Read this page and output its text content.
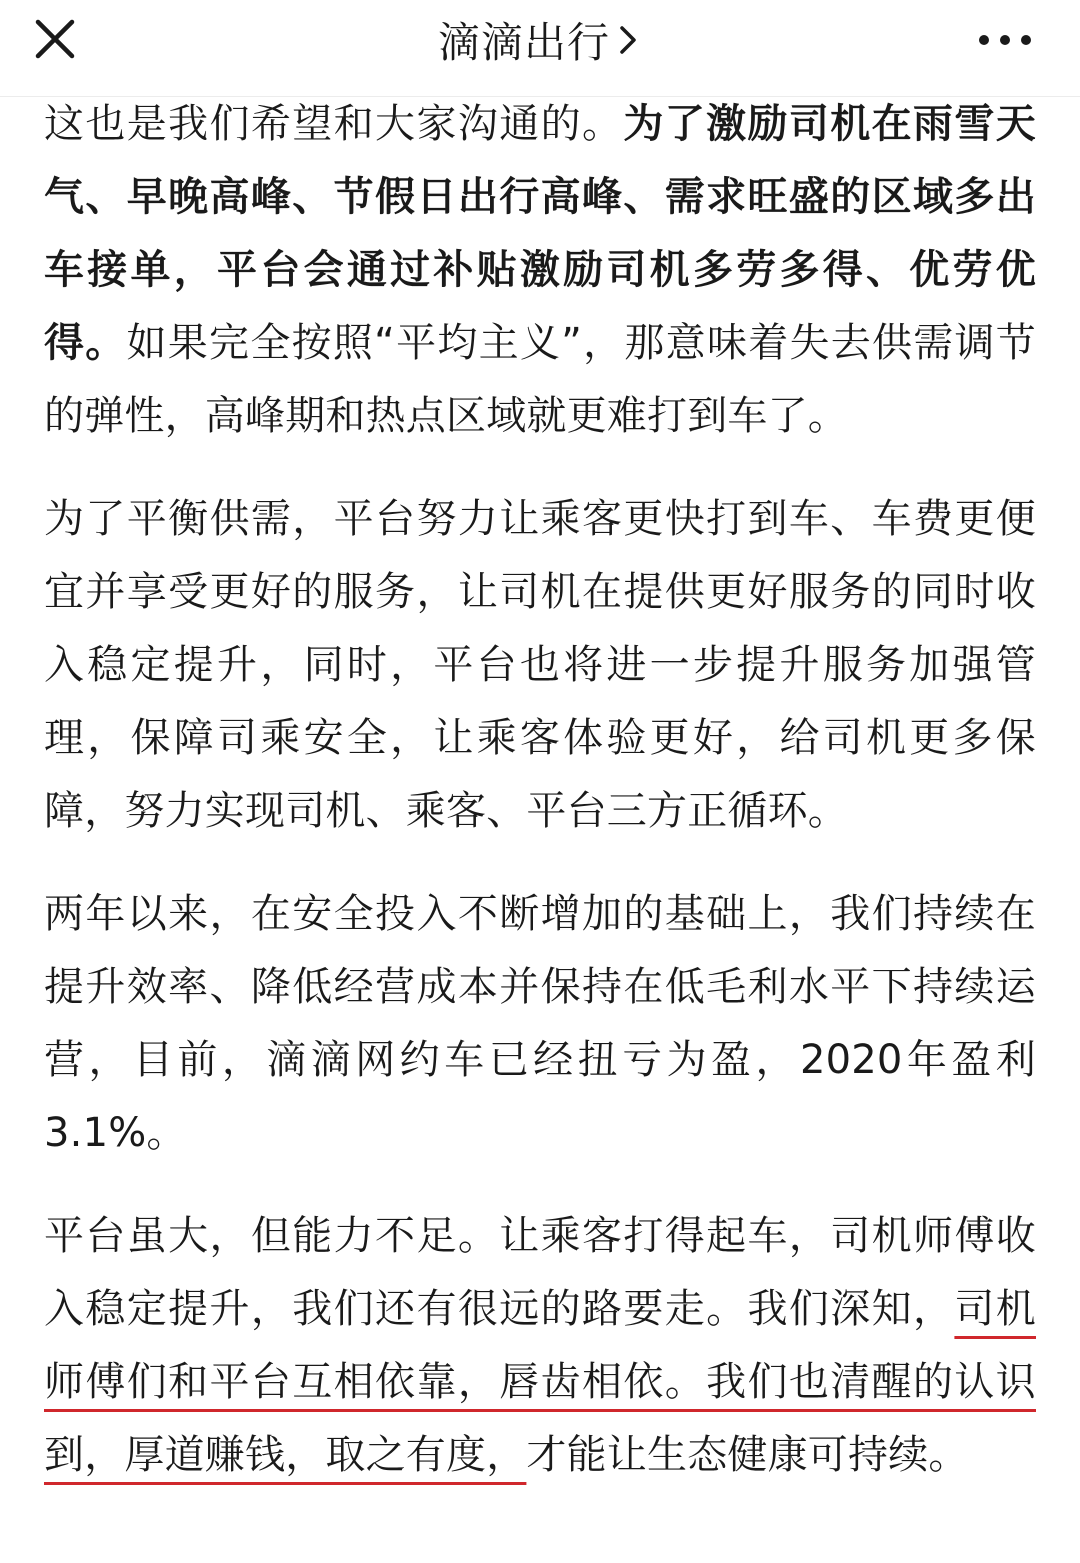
滴滴出行

这也是我们希望和大家沟通的。为了激励司机在雨雪天气、早晚高峰、节假日出行高峰、需求旺盛的区域多出车接单，平台会通过补贴激励司机多劳多得、优劳优得。如果完全按照“平均主义”，那意味着失去供需调节的弹性，高峰期和热点区域就更难打到车了。

为了平衡供需，平台努力让乘客更快打到车、车费更便宜并享受更好的服务，让司机在提供更好服务的同时收入稳定提升，同时，平台也将进一步提升服务加强管理，保障司乘安全，让乘客体验更好，给司机更多保障，努力实现司机、乘客、平台三方正循环。

两年以来，在安全投入不断增加的基础上，我们持续在提升效率、降低经营成本并保持在低毛利水平下持续运营，目前，滴滴网约车已经扭亏为盈，2020年盈利3.1%。

平台虽大，但能力不足。让乘客打得起车，司机师傅收入稳定提升，我们还有很远的路要走。我们深知，司机师傅们和平台互相依靠，唇齿相依。我们也清醒的认识到，厚道赚钱，取之有度，才能让生态健康可持续。
